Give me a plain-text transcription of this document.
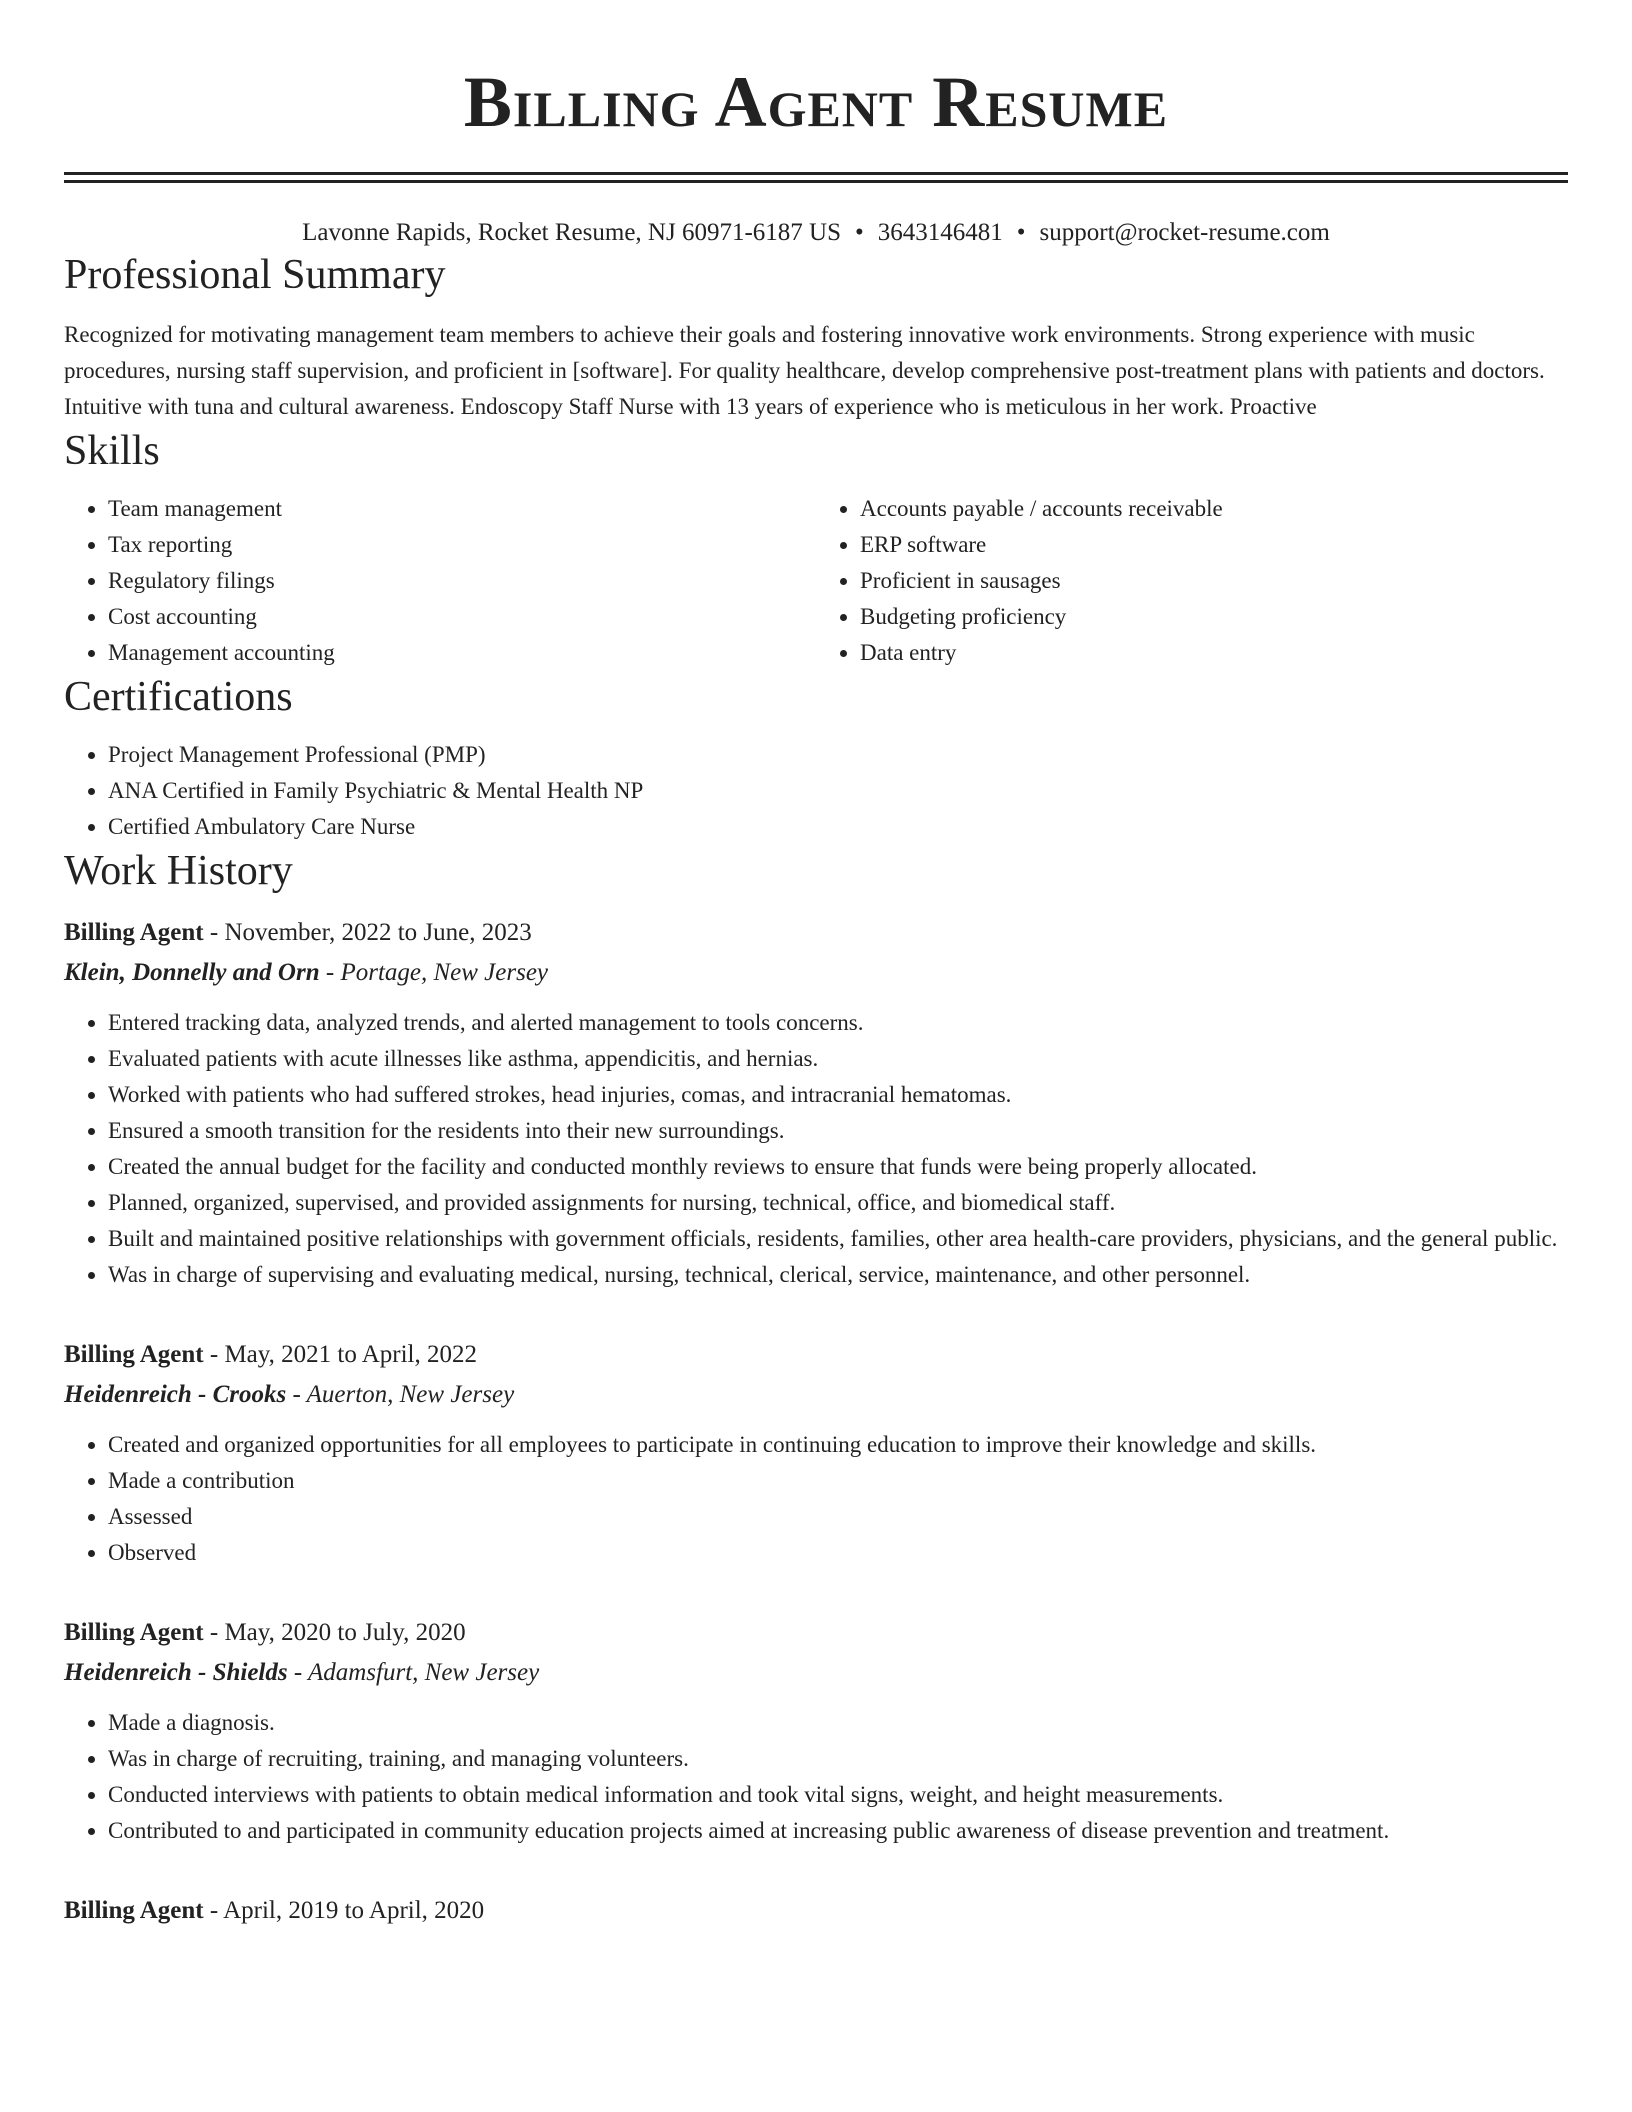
Billing Agent Resume
Lavonne Rapids, Rocket Resume, NJ 60971-6187 US • 3643146481 • support@rocket-resume.com
Professional Summary
Recognized for motivating management team members to achieve their goals and fostering innovative work environments. Strong experience with music procedures, nursing staff supervision, and proficient in [software]. For quality healthcare, develop comprehensive post-treatment plans with patients and doctors. Intuitive with tuna and cultural awareness. Endoscopy Staff Nurse with 13 years of experience who is meticulous in her work. Proactive
Skills
• Team management
• Tax reporting
• Regulatory filings
• Cost accounting
• Management accounting
• Accounts payable / accounts receivable
• ERP software
• Proficient in sausages
• Budgeting proficiency
• Data entry
Certifications
• Project Management Professional (PMP)
• ANA Certified in Family Psychiatric & Mental Health NP
• Certified Ambulatory Care Nurse
Work History
Billing Agent - November, 2022 to June, 2023
Klein, Donnelly and Orn - Portage, New Jersey
• Entered tracking data, analyzed trends, and alerted management to tools concerns.
• Evaluated patients with acute illnesses like asthma, appendicitis, and hernias.
• Worked with patients who had suffered strokes, head injuries, comas, and intracranial hematomas.
• Ensured a smooth transition for the residents into their new surroundings.
• Created the annual budget for the facility and conducted monthly reviews to ensure that funds were being properly allocated.
• Planned, organized, supervised, and provided assignments for nursing, technical, office, and biomedical staff.
• Built and maintained positive relationships with government officials, residents, families, other area health-care providers, physicians, and the general public.
• Was in charge of supervising and evaluating medical, nursing, technical, clerical, service, maintenance, and other personnel.
Billing Agent - May, 2021 to April, 2022
Heidenreich - Crooks - Auerton, New Jersey
• Created and organized opportunities for all employees to participate in continuing education to improve their knowledge and skills.
• Made a contribution
• Assessed
• Observed
Billing Agent - May, 2020 to July, 2020
Heidenreich - Shields - Adamsfurt, New Jersey
• Made a diagnosis.
• Was in charge of recruiting, training, and managing volunteers.
• Conducted interviews with patients to obtain medical information and took vital signs, weight, and height measurements.
• Contributed to and participated in community education projects aimed at increasing public awareness of disease prevention and treatment.
Billing Agent - April, 2019 to April, 2020
